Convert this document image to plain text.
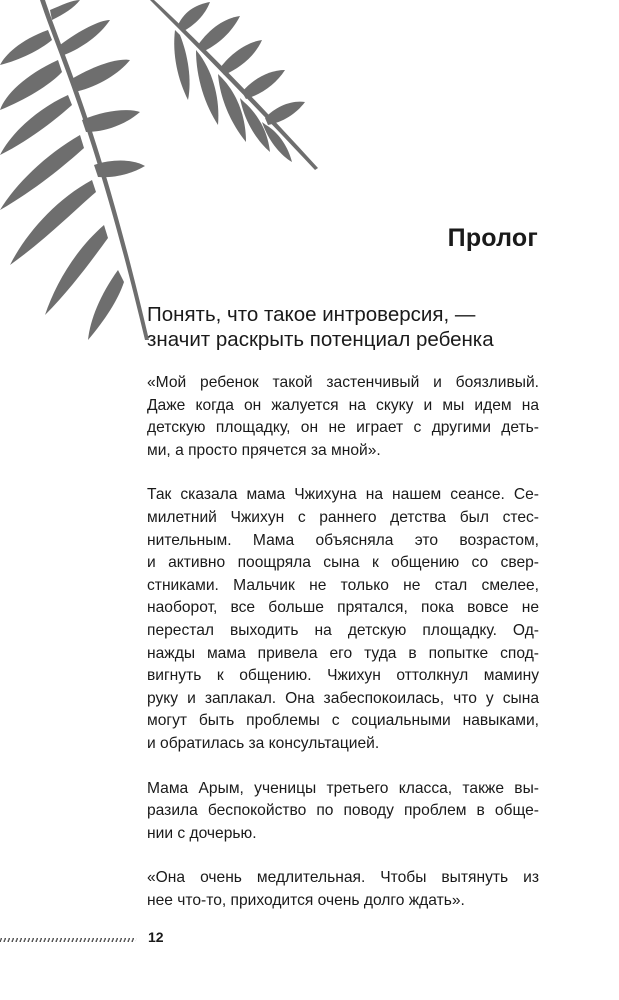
Пролог
Понять, что такое интроверсия, —
значит раскрыть потенциал ребенка

«Мой ребенок такой застенчивый и боязливый.
Даже когда он жалуется на скуку и мы идем на
детскую площадку, он не играет с другими деть-
ми, а просто прячется за мной».

Так сказала мама Чжихуна на нашем сеансе. Се-
милетний Чжихун с раннего детства был стес-
нительным. Мама объясняла это возрастом,
и активно поощряла сына к общению со свер-
стниками. Мальчик не только не стал смелее,
наоборот, все больше прятался, пока вовсе не
перестал выходить на детскую площадку. Од-
нажды мама привела его туда в попытке спод-
вигнуть к общению. Чжихун оттолкнул мамину
руку и заплакал. Она забеспокоилась, что у сына
могут быть проблемы с социальными навыками,
и обратилась за консультацией.

Мама Арым, ученицы третьего класса, также вы-
разила беспокойство по поводу проблем в обще-
нии с дочерью.

«Она очень медлительная. Чтобы вытянуть из
нее что-то, приходится очень долго ждать».

12
